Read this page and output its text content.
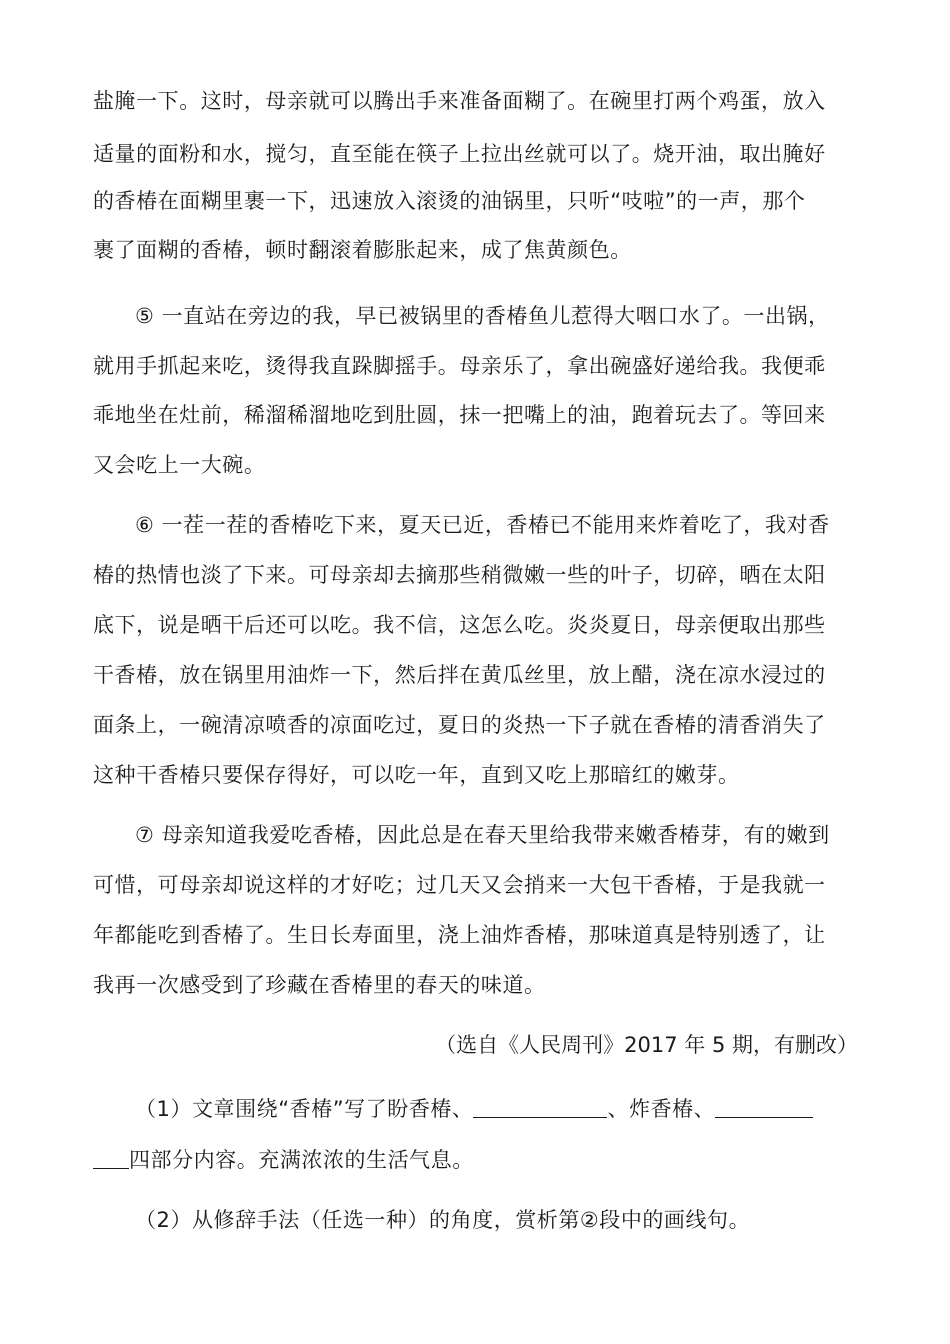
盐腌一下。这时，母亲就可以腾出手来准备面糊了。在碗里打两个鸡蛋，放入
适量的面粉和水，搅匀，直至能在筷子上拉出丝就可以了。烧开油，取出腌好
的香椿在面糊里裹一下，迅速放入滚烫的油锅里，只听“吱啦”的一声，那个
裹了面糊的香椿，顿时翻滚着膨胀起来，成了焦黄颜色。
⑤ 一直站在旁边的我，早已被锅里的香椿鱼儿惹得大咽口水了。一出锅，
就用手抓起来吃，烫得我直跺脚摇手。母亲乐了，拿出碗盛好递给我。我便乖
乖地坐在灶前，稀溜稀溜地吃到肚圆，抹一把嘴上的油，跑着玩去了。等回来
又会吃上一大碗。
⑥ 一茬一茬的香椿吃下来，夏天已近，香椿已不能用来炸着吃了，我对香
椿的热情也淡了下来。可母亲却去摘那些稍微嫩一些的叶子，切碎，晒在太阳
底下，说是晒干后还可以吃。我不信，这怎么吃。炎炎夏日，母亲便取出那些
干香椿，放在锅里用油炸一下，然后拌在黄瓜丝里，放上醋，浇在凉水浸过的
面条上，一碗清凉喷香的凉面吃过，夏日的炎热一下子就在香椿的清香消失了
这种干香椿只要保存得好，可以吃一年，直到又吃上那暗红的嫩芽。
⑦ 母亲知道我爱吃香椿，因此总是在春天里给我带来嫩香椿芽，有的嫩到
可惜，可母亲却说这样的才好吃；过几天又会捎来一大包干香椿，于是我就一
年都能吃到香椿了。生日长寿面里，浇上油炸香椿，那味道真是特别透了，让
我再一次感受到了珍藏在香椿里的春天的味道。
（选自《人民周刊》2017 年 5 期，有删改）
（1）文章围绕“香椿”写了盼香椿、	、炸香椿、
四部分内容。充满浓浓的生活气息。
（2）从修辞手法（任选一种）的角度，赏析第②段中的画线句。
